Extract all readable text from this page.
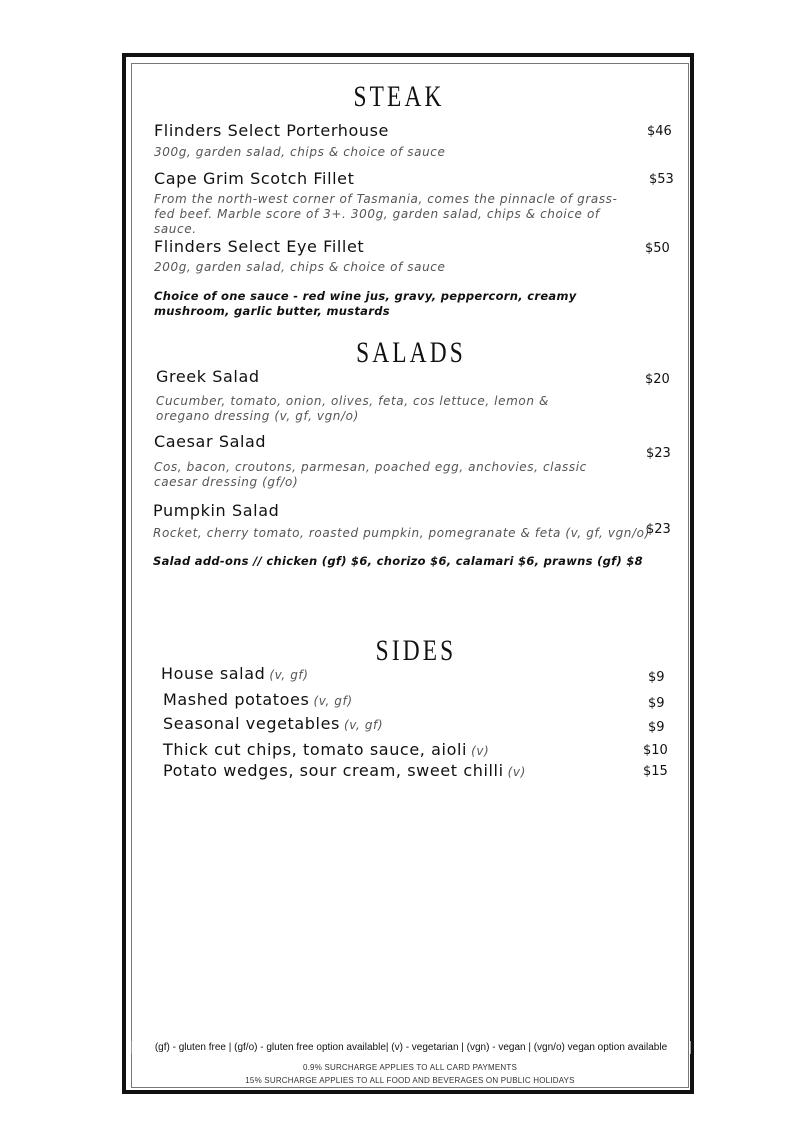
STEAK
Flinders Select Porterhouse
300g, garden salad, chips & choice of sauce
$46
Cape Grim Scotch Fillet
From the north-west corner of Tasmania, comes the pinnacle of grass-fed beef. Marble score of 3+. 300g, garden salad, chips & choice of sauce.
$53
Flinders Select Eye Fillet
200g, garden salad, chips & choice of sauce
$50
Choice of one sauce - red wine jus, gravy, peppercorn, creamy mushroom, garlic butter, mustards
SALADS
Greek Salad
Cucumber, tomato, onion, olives, feta, cos lettuce, lemon & oregano dressing (v, gf, vgn/o)
$20
Caesar Salad
Cos, bacon, croutons, parmesan, poached egg, anchovies, classic caesar dressing (gf/o)
$23
Pumpkin Salad
Rocket, cherry tomato, roasted pumpkin, pomegranate & feta (v, gf, vgn/o)
$23
Salad add-ons // chicken (gf) $6, chorizo $6, calamari $6, prawns (gf) $8
SIDES
House salad (v, gf)	$9
Mashed potatoes (v, gf)	$9
Seasonal vegetables (v, gf)	$9
Thick cut chips, tomato sauce, aioli (v)	$10
Potato wedges, sour cream, sweet chilli (v)	$15
(gf) - gluten free | (gf/o) - gluten free option available| (v) - vegetarian | (vgn) - vegan | (vgn/o) vegan option available
0.9% SURCHARGE APPLIES TO ALL CARD PAYMENTS
15% SURCHARGE APPLIES TO ALL FOOD AND BEVERAGES ON PUBLIC HOLIDAYS
